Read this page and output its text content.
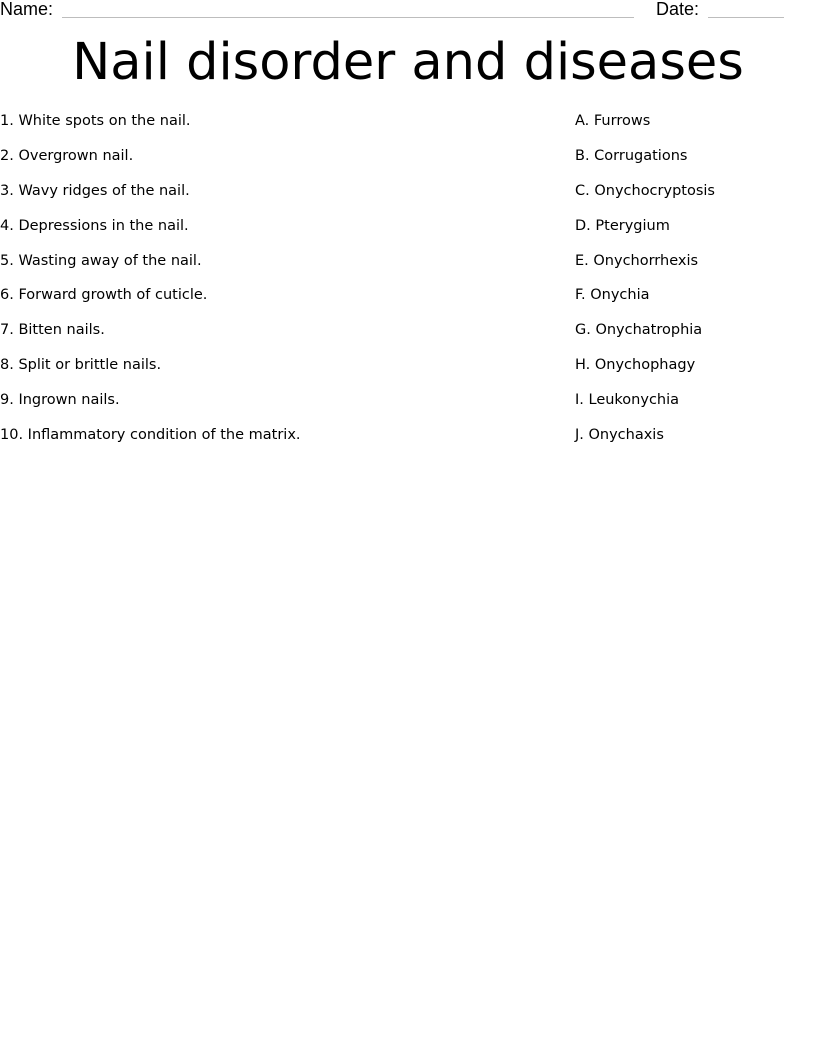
Name:	Date:
Nail disorder and diseases
1. White spots on the nail.
2. Overgrown nail.
3. Wavy ridges of the nail.
4. Depressions in the nail.
5. Wasting away of the nail.
6. Forward growth of cuticle.
7. Bitten nails.
8. Split or brittle nails.
9. Ingrown nails.
10. Inflammatory condition of the matrix.
A. Furrows
B. Corrugations
C. Onychocryptosis
D. Pterygium
E. Onychorrhexis
F. Onychia
G. Onychatrophia
H. Onychophagy
I. Leukonychia
J. Onychaxis
